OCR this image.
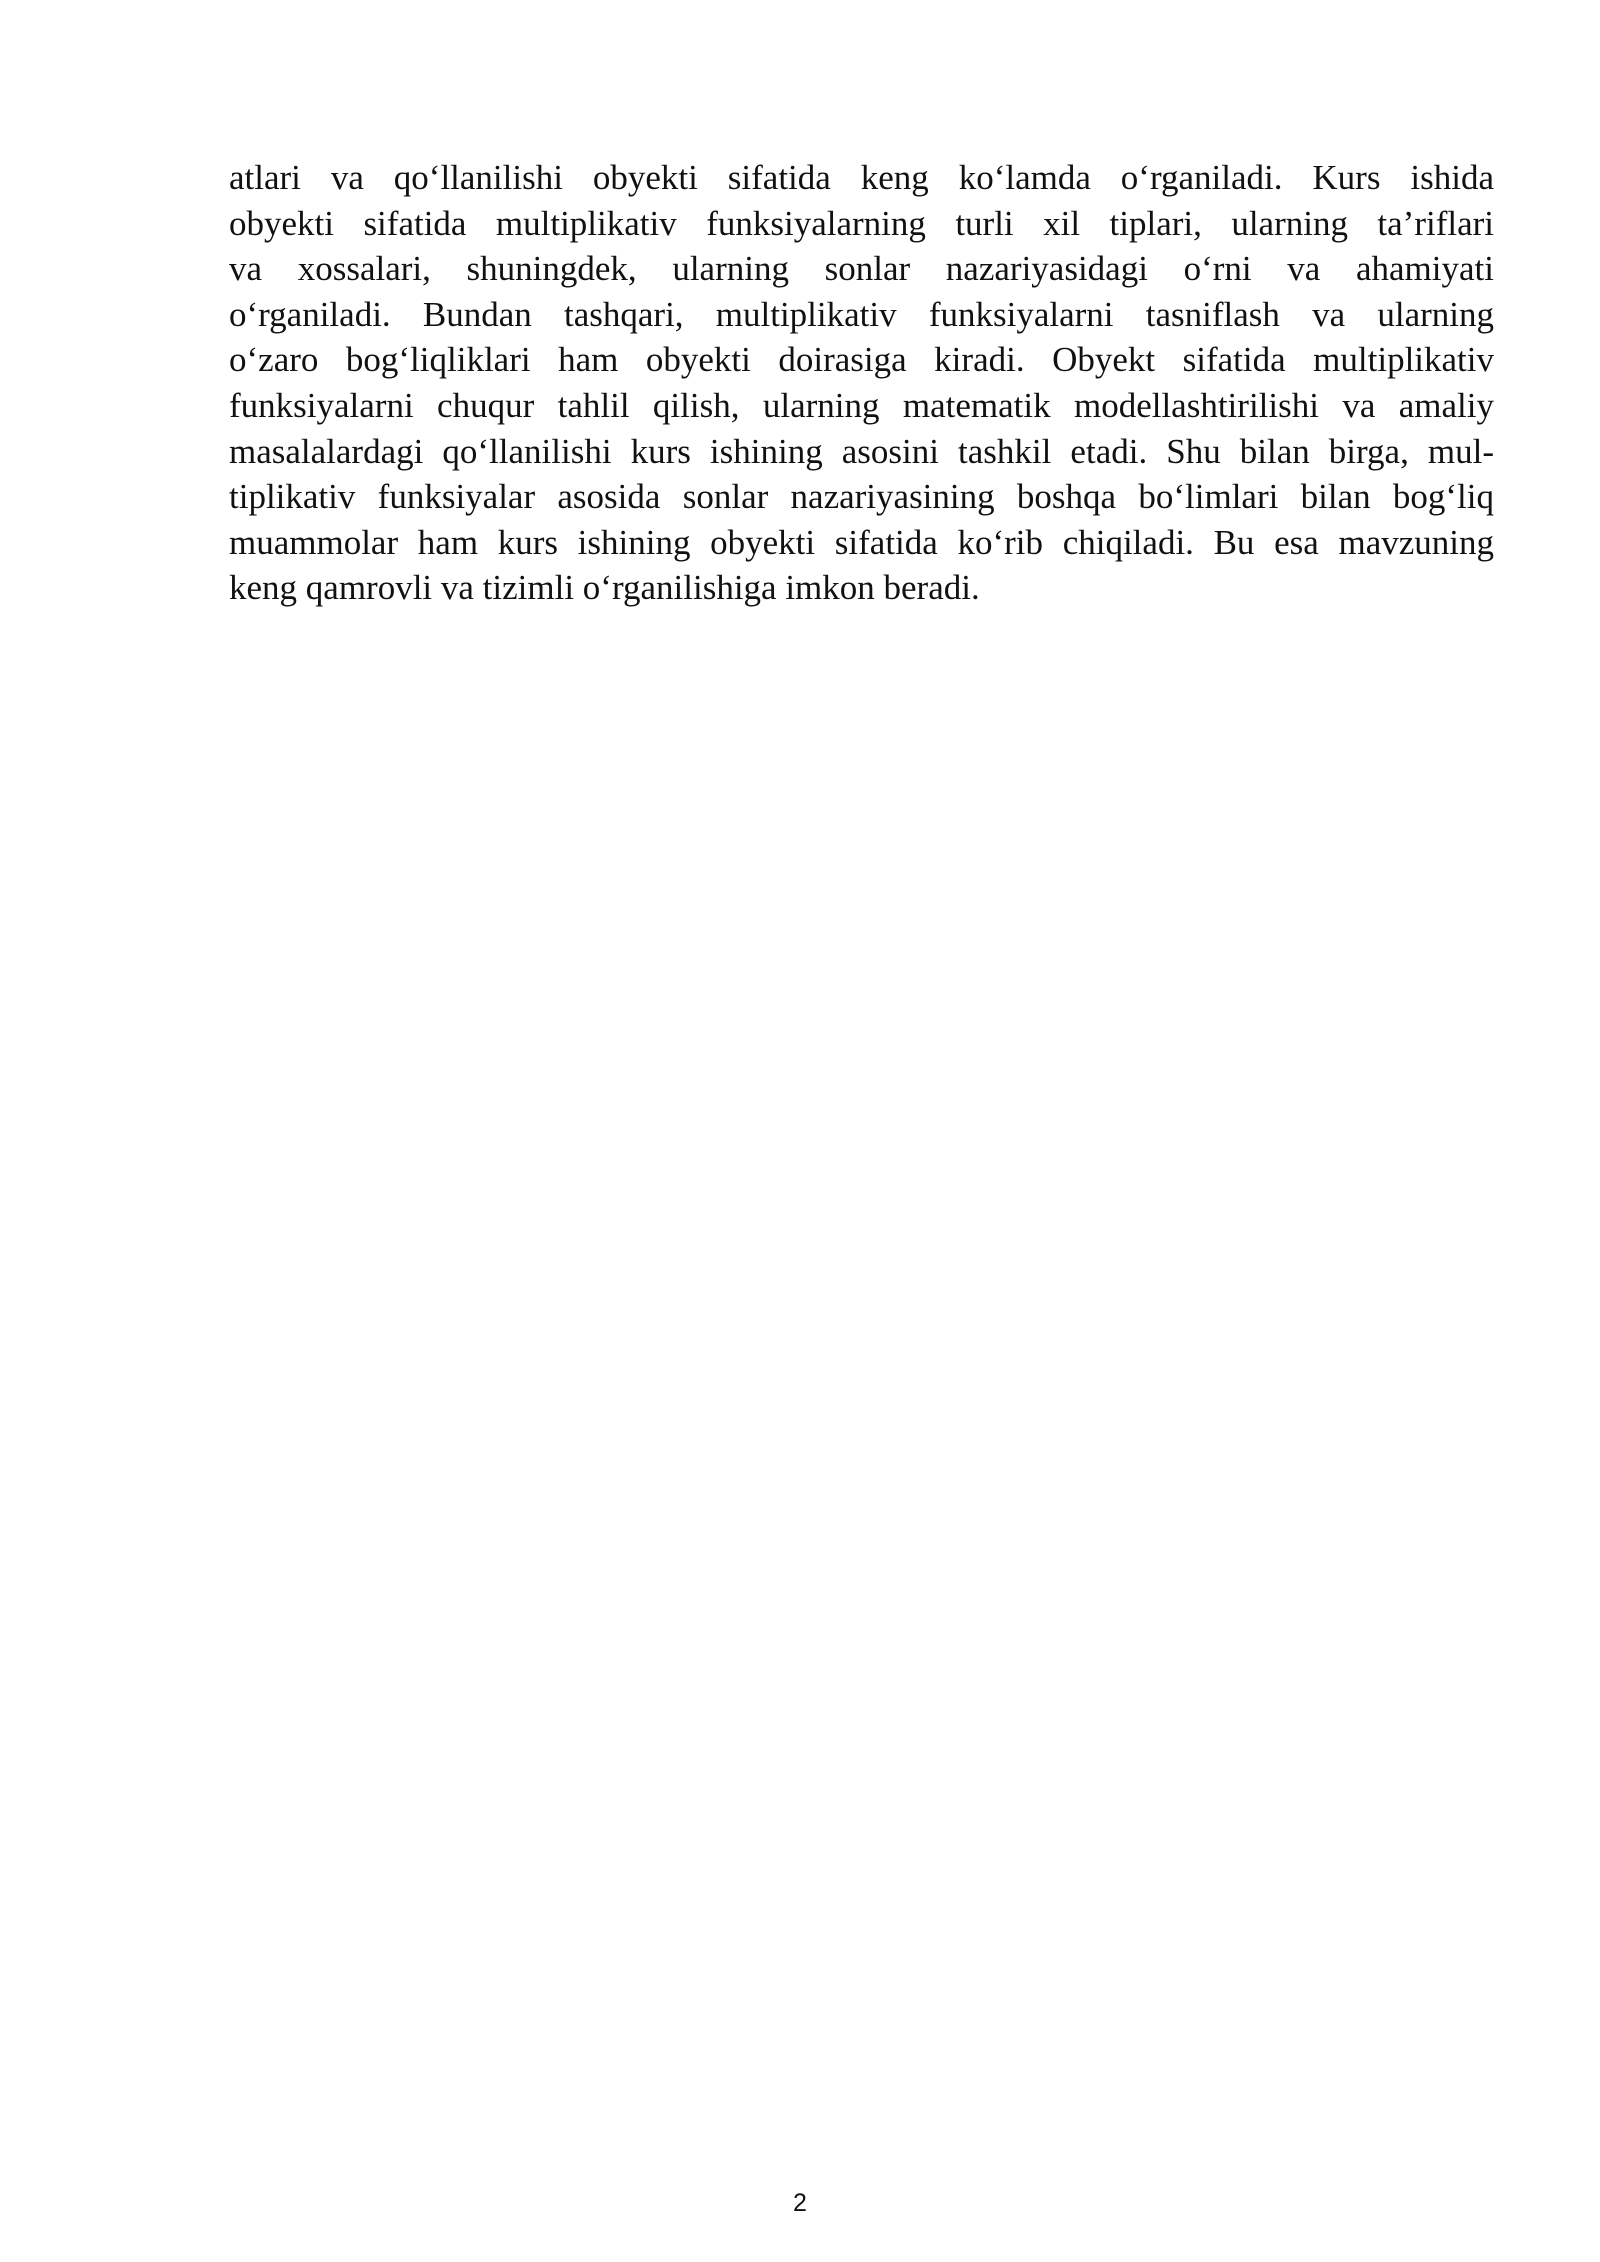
atlari va qo‘llanilishi obyekti sifatida keng ko‘lamda o‘rganiladi. Kurs ishida
obyekti sifatida multiplikativ funksiyalarning turli xil tiplari, ularning ta’riflari
va xossalari, shuningdek, ularning sonlar nazariyasidagi o‘rni va ahamiyati
o‘rganiladi. Bundan tashqari, multiplikativ funksiyalarni tasniflash va ularning
o‘zaro bog‘liqliklari ham obyekti doirasiga kiradi. Obyekt sifatida multiplikativ
funksiyalarni chuqur tahlil qilish, ularning matematik modellashtirilishi va amaliy
masalalardagi qo‘llanilishi kurs ishining asosini tashkil etadi. Shu bilan birga, mul-
tiplikativ funksiyalar asosida sonlar nazariyasining boshqa bo‘limlari bilan bog‘liq
muammolar ham kurs ishining obyekti sifatida ko‘rib chiqiladi. Bu esa mavzuning
keng qamrovli va tizimli o‘rganilishiga imkon beradi.

2
